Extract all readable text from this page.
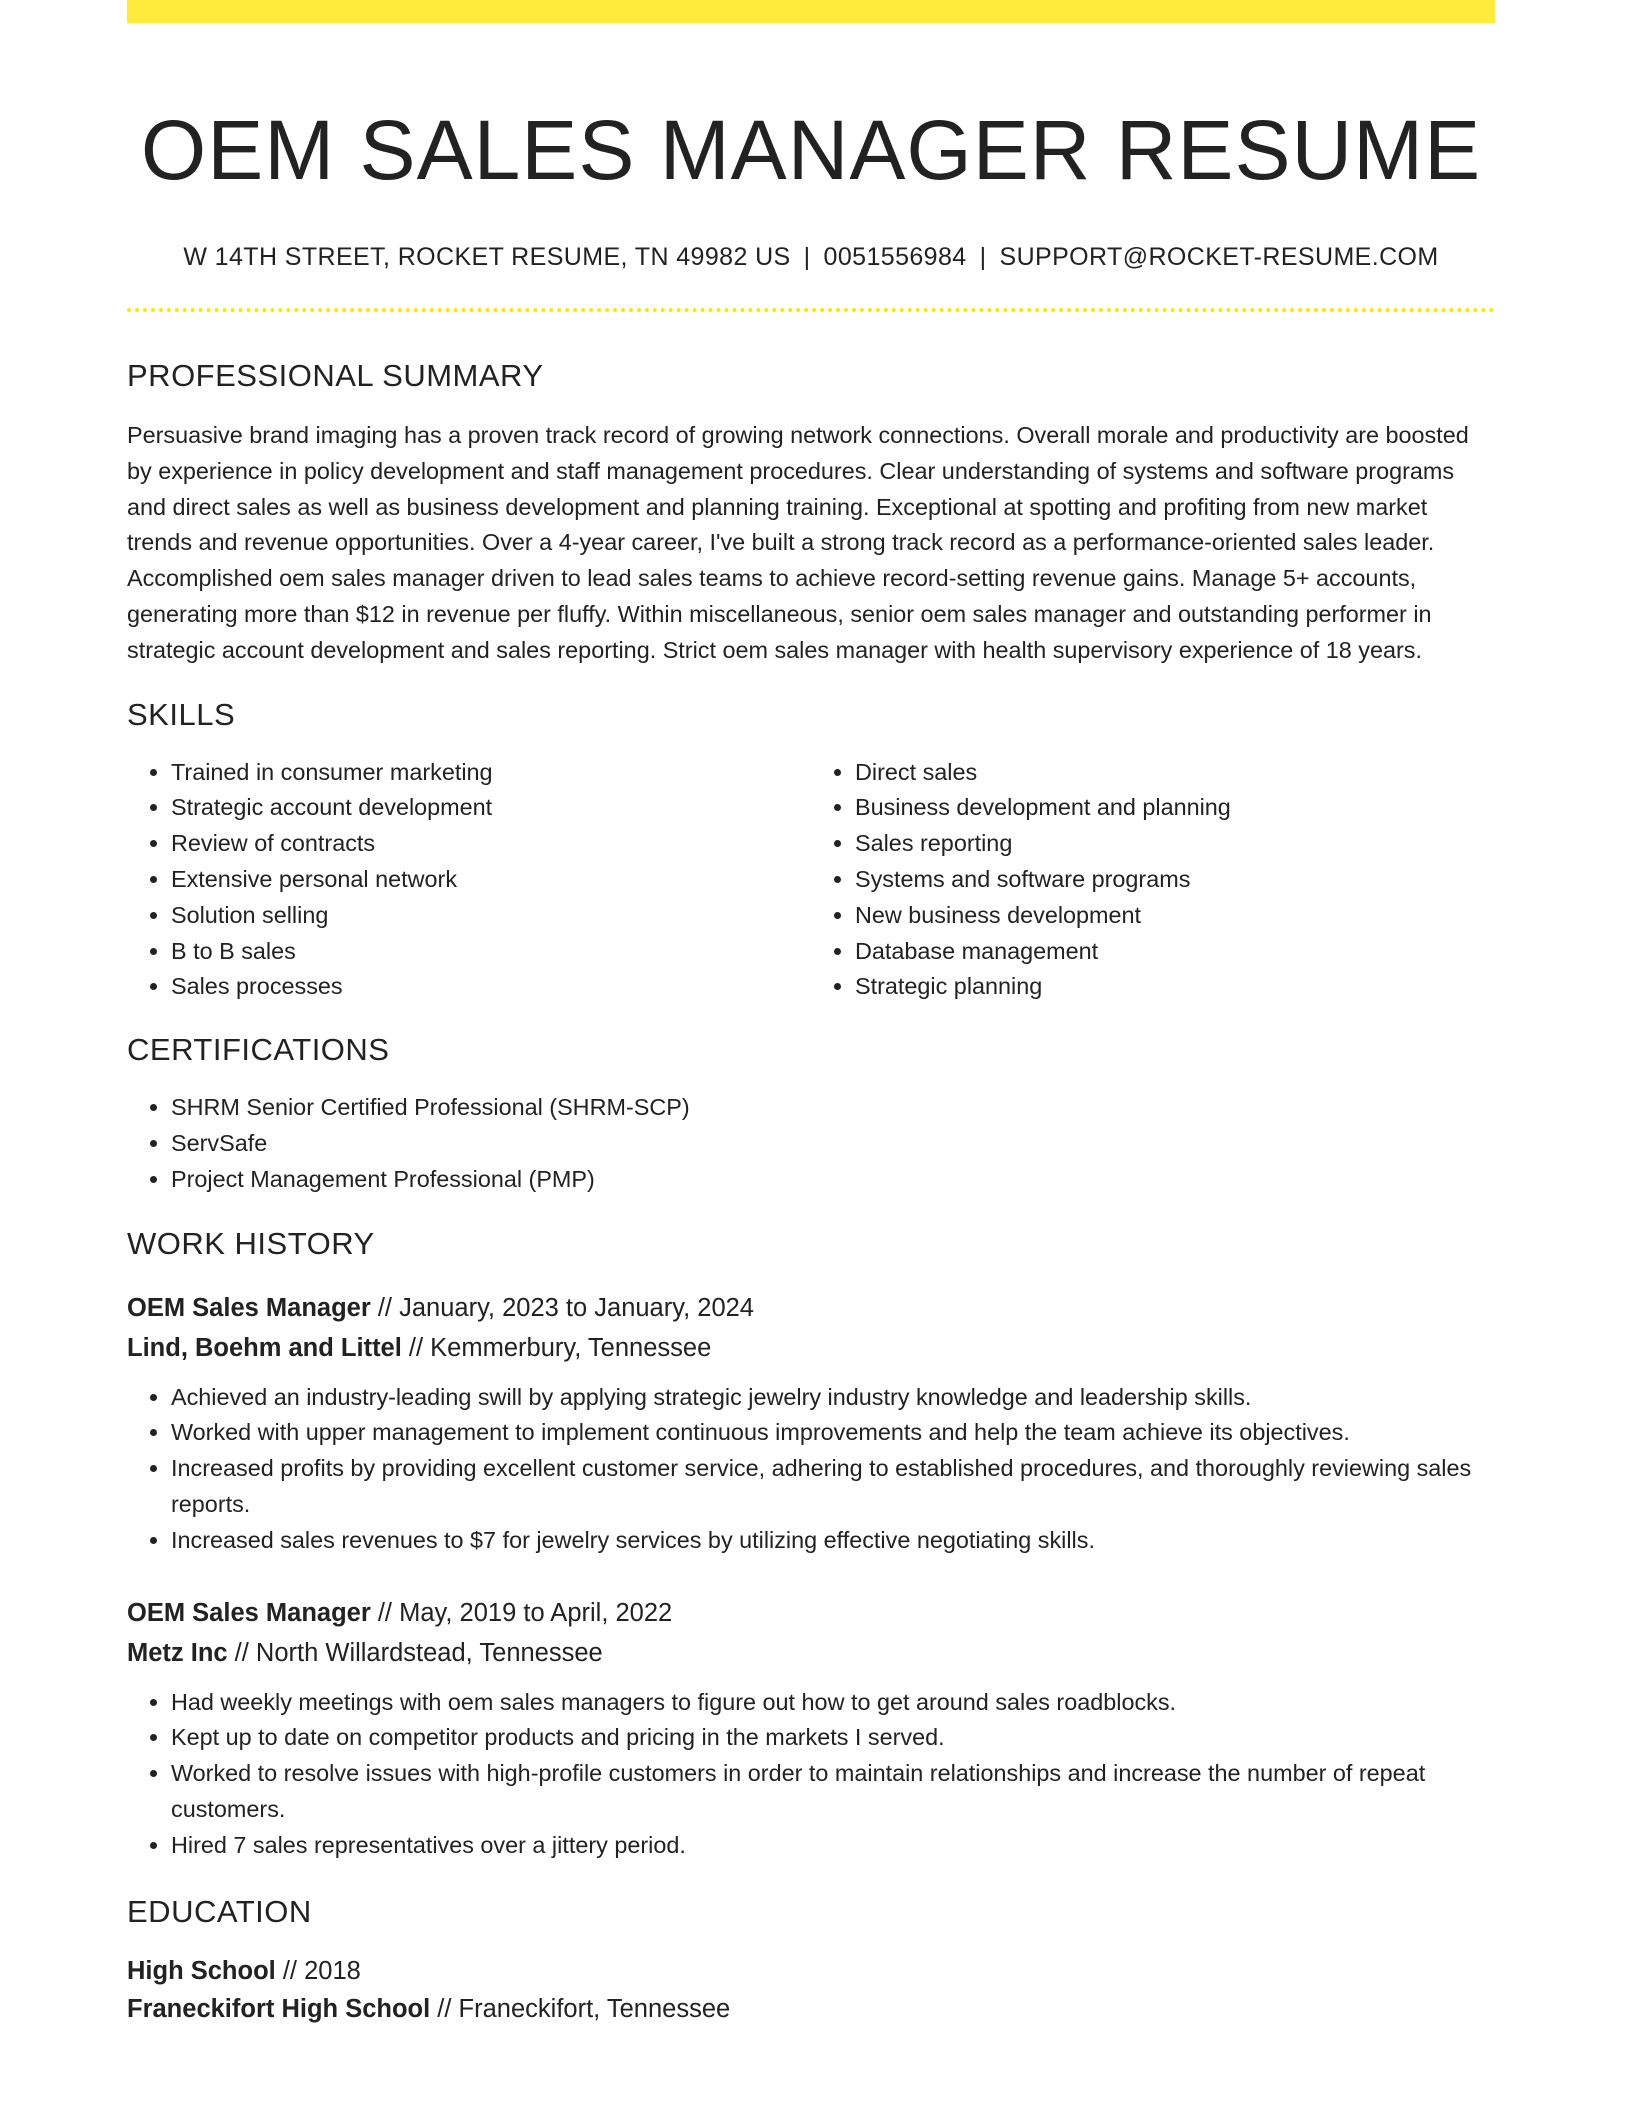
OEM SALES MANAGER RESUME
W 14TH STREET, ROCKET RESUME, TN 49982 US | 0051556984 | SUPPORT@ROCKET-RESUME.COM
PROFESSIONAL SUMMARY
Persuasive brand imaging has a proven track record of growing network connections. Overall morale and productivity are boosted by experience in policy development and staff management procedures. Clear understanding of systems and software programs and direct sales as well as business development and planning training. Exceptional at spotting and profiting from new market trends and revenue opportunities. Over a 4-year career, I've built a strong track record as a performance-oriented sales leader. Accomplished oem sales manager driven to lead sales teams to achieve record-setting revenue gains. Manage 5+ accounts, generating more than $12 in revenue per fluffy. Within miscellaneous, senior oem sales manager and outstanding performer in strategic account development and sales reporting. Strict oem sales manager with health supervisory experience of 18 years.
SKILLS
• Trained in consumer marketing
• Strategic account development
• Review of contracts
• Extensive personal network
• Solution selling
• B to B sales
• Sales processes
• Direct sales
• Business development and planning
• Sales reporting
• Systems and software programs
• New business development
• Database management
• Strategic planning
CERTIFICATIONS
• SHRM Senior Certified Professional (SHRM-SCP)
• ServSafe
• Project Management Professional (PMP)
WORK HISTORY
OEM Sales Manager // January, 2023 to January, 2024
Lind, Boehm and Littel // Kemmerbury, Tennessee
• Achieved an industry-leading swill by applying strategic jewelry industry knowledge and leadership skills.
• Worked with upper management to implement continuous improvements and help the team achieve its objectives.
• Increased profits by providing excellent customer service, adhering to established procedures, and thoroughly reviewing sales reports.
• Increased sales revenues to $7 for jewelry services by utilizing effective negotiating skills.
OEM Sales Manager // May, 2019 to April, 2022
Metz Inc // North Willardstead, Tennessee
• Had weekly meetings with oem sales managers to figure out how to get around sales roadblocks.
• Kept up to date on competitor products and pricing in the markets I served.
• Worked to resolve issues with high-profile customers in order to maintain relationships and increase the number of repeat customers.
• Hired 7 sales representatives over a jittery period.
EDUCATION
High School // 2018
Franeckifort High School // Franeckifort, Tennessee
